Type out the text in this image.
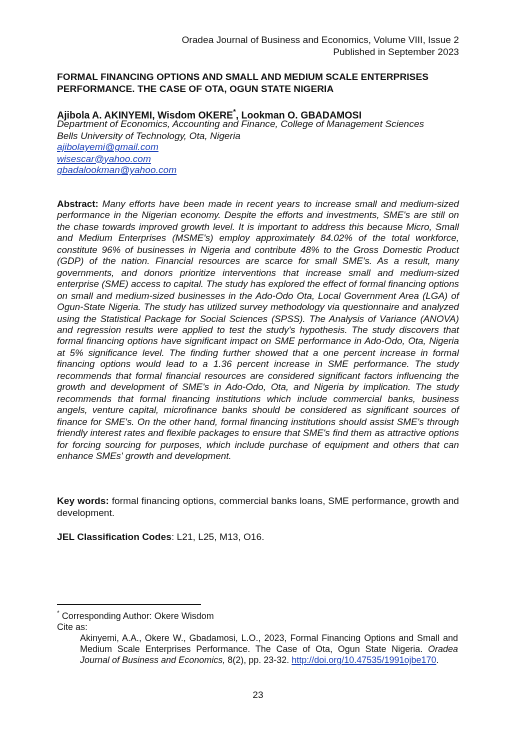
Oradea Journal of Business and Economics, Volume VIII, Issue 2
Published in September 2023
FORMAL FINANCING OPTIONS AND SMALL AND MEDIUM SCALE ENTERPRISES PERFORMANCE. THE CASE OF OTA, OGUN STATE NIGERIA
Ajibola A. AKINYEMI, Wisdom OKERE*, Lookman O. GBADAMOSI
Department of Economics, Accounting and Finance, College of Management Sciences
Bells University of Technology, Ota, Nigeria
ajibolayemi@gmail.com
wisescar@yahoo.com
gbadalookman@yahoo.com
Abstract: Many efforts have been made in recent years to increase small and medium-sized performance in the Nigerian economy. Despite the efforts and investments, SME's are still on the chase towards improved growth level. It is important to address this because Micro, Small and Medium Enterprises (MSME's) employ approximately 84.02% of the total workforce, constitute 96% of businesses in Nigeria and contribute 48% to the Gross Domestic Product (GDP) of the nation. Financial resources are scarce for small SME's. As a result, many governments, and donors prioritize interventions that increase small and medium-sized enterprise (SME) access to capital. The study has explored the effect of formal financing options on small and medium-sized businesses in the Ado-Odo Ota, Local Government Area (LGA) of Ogun-State Nigeria. The study has utilized survey methodology via questionnaire and analyzed using the Statistical Package for Social Sciences (SPSS). The Analysis of Variance (ANOVA) and regression results were applied to test the study's hypothesis. The study discovers that formal financing options have significant impact on SME performance in Ado-Odo, Ota, Nigeria at 5% significance level. The finding further showed that a one percent increase in formal financing options would lead to a 1.36 percent increase in SME performance. The study recommends that formal financial resources are considered significant factors influencing the growth and development of SME's in Ado-Odo, Ota, and Nigeria by implication. The study recommends that formal financing institutions which include commercial banks, business angels, venture capital, microfinance banks should be considered as significant sources of finance for SME's. On the other hand, formal financing institutions should assist SME's through friendly interest rates and flexible packages to ensure that SME's find them as attractive options for forcing sourcing for purposes, which include purchase of equipment and others that can enhance SMEs' growth and development.
Key words: formal financing options, commercial banks loans, SME performance, growth and development.
JEL Classification Codes: L21, L25, M13, O16.
* Corresponding Author: Okere Wisdom
Cite as:
Akinyemi, A.A., Okere W., Gbadamosi, L.O., 2023, Formal Financing Options and Small and Medium Scale Enterprises Performance. The Case of Ota, Ogun State Nigeria. Oradea Journal of Business and Economics, 8(2), pp. 23-32. http://doi.org/10.47535/1991ojbe170.
23
